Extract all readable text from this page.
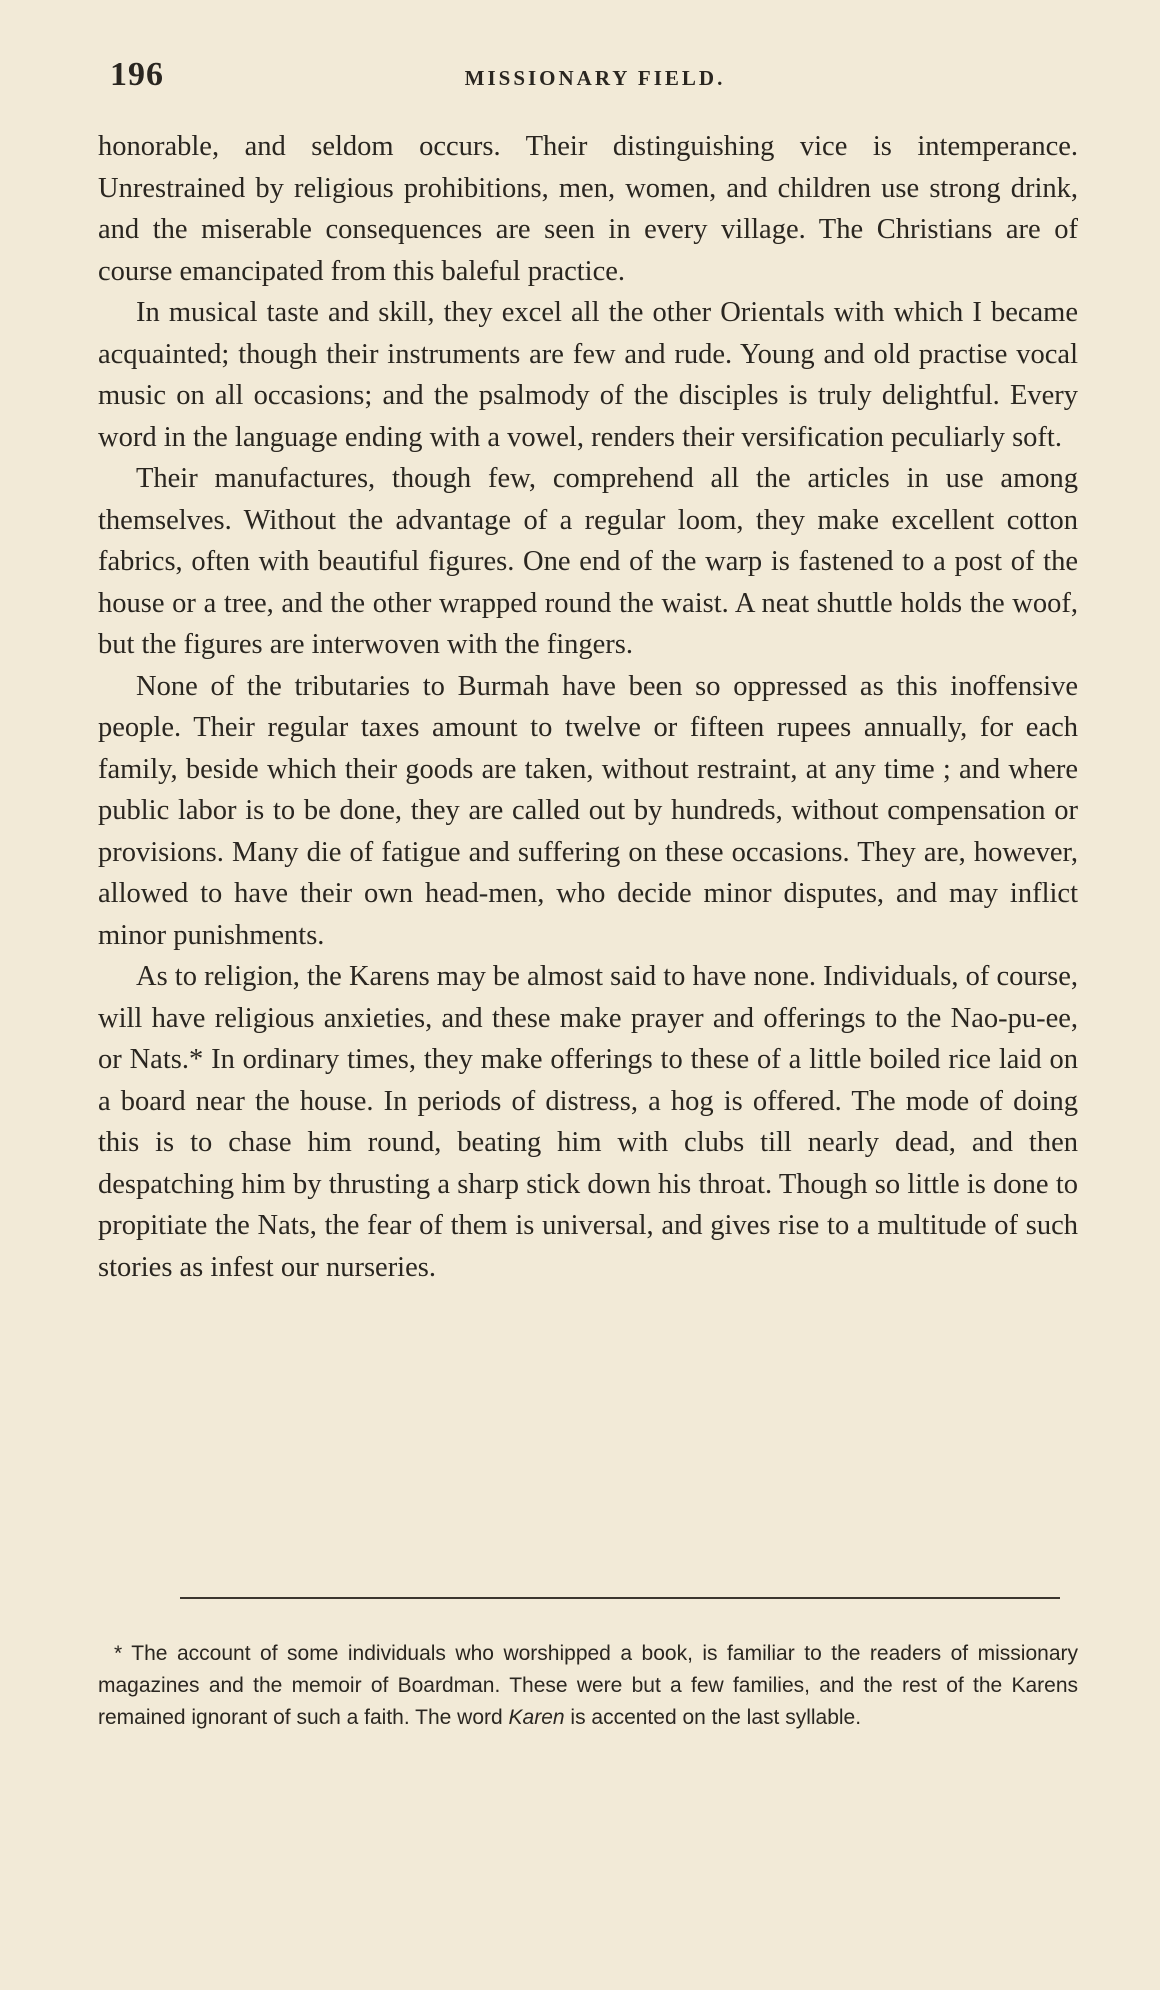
196	MISSIONARY FIELD.

honorable, and seldom occurs. Their distinguishing vice is intemperance. Unrestrained by religious prohibitions, men, women, and children use strong drink, and the miserable consequences are seen in every village. The Christians are of course emancipated from this baleful practice.

In musical taste and skill, they excel all the other Orientals with which I became acquainted; though their instruments are few and rude. Young and old practise vocal music on all occasions; and the psalmody of the disciples is truly delightful. Every word in the language ending with a vowel, renders their versification peculiarly soft.

Their manufactures, though few, comprehend all the articles in use among themselves. Without the advantage of a regular loom, they make excellent cotton fabrics, often with beautiful figures. One end of the warp is fastened to a post of the house or a tree, and the other wrapped round the waist. A neat shuttle holds the woof, but the figures are interwoven with the fingers.

None of the tributaries to Burmah have been so oppressed as this inoffensive people. Their regular taxes amount to twelve or fifteen rupees annually, for each family, beside which their goods are taken, without restraint, at any time ; and where public labor is to be done, they are called out by hundreds, without compensation or provisions. Many die of fatigue and suffering on these occasions. They are, however, allowed to have their own head-men, who decide minor disputes, and may inflict minor punishments.

As to religion, the Karens may be almost said to have none. Individuals, of course, will have religious anxieties, and these make prayer and offerings to the Nao-pu-ee, or Nats.* In ordinary times, they make offerings to these of a little boiled rice laid on a board near the house. In periods of distress, a hog is offered. The mode of doing this is to chase him round, beating him with clubs till nearly dead, and then despatching him by thrusting a sharp stick down his throat. Though so little is done to propitiate the Nats, the fear of them is universal, and gives rise to a multitude of such stories as infest our nurseries.

* The account of some individuals who worshipped a book, is familiar to the readers of missionary magazines and the memoir of Boardman. These were but a few families, and the rest of the Karens remained ignorant of such a faith. The word Karen is accented on the last syllable.
